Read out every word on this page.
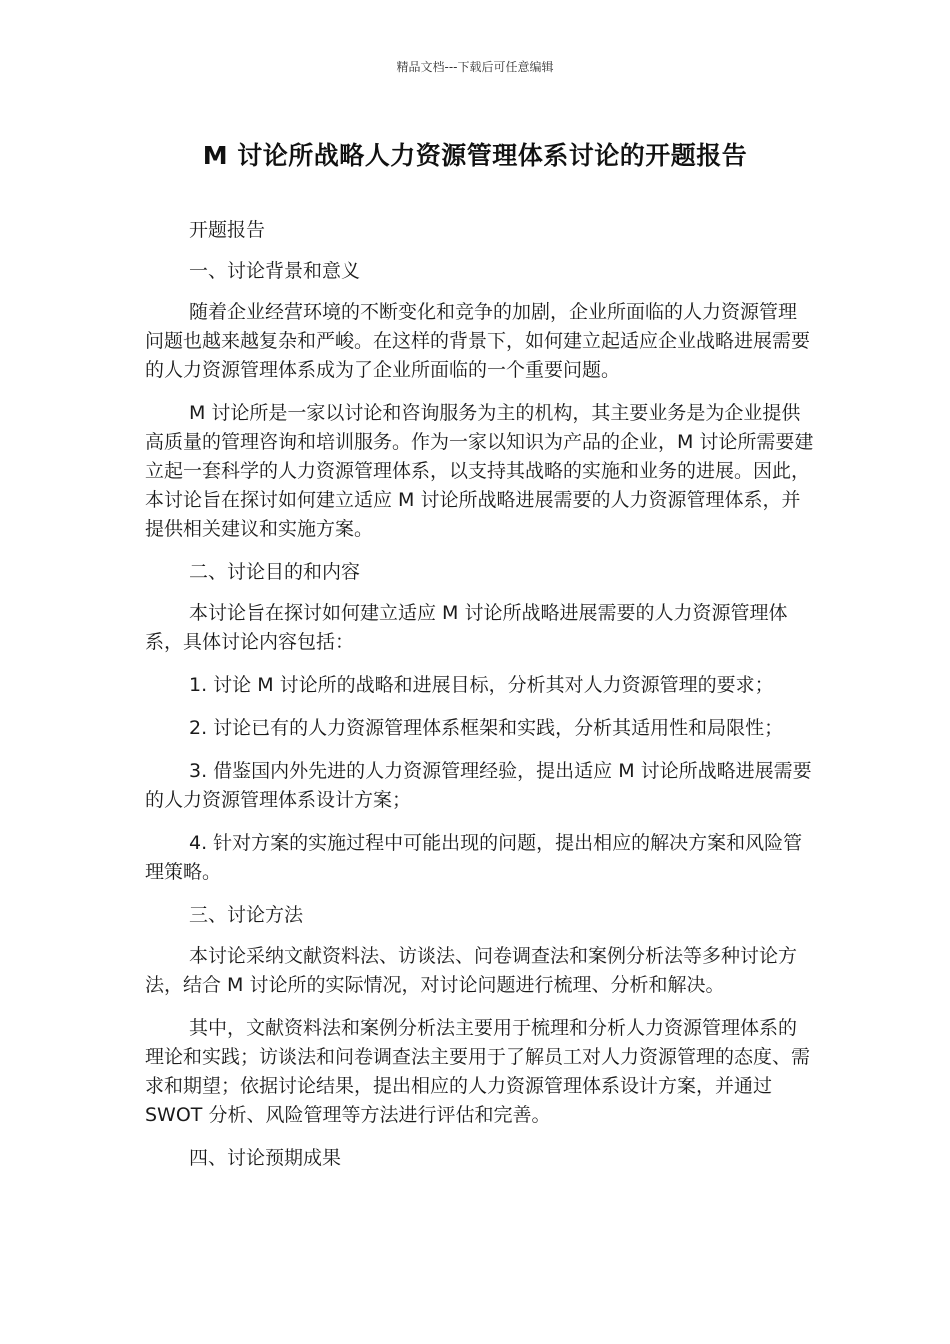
精品文档---下载后可任意编辑
M 讨论所战略人力资源管理体系讨论的开题报告

开题报告

一、讨论背景和意义

随着企业经营环境的不断变化和竞争的加剧，企业所面临的人力资源管理问题也越来越复杂和严峻。在这样的背景下，如何建立起适应企业战略进展需要的人力资源管理体系成为了企业所面临的一个重要问题。

M 讨论所是一家以讨论和咨询服务为主的机构，其主要业务是为企业提供高质量的管理咨询和培训服务。作为一家以知识为产品的企业，M 讨论所需要建立起一套科学的人力资源管理体系，以支持其战略的实施和业务的进展。因此，本讨论旨在探讨如何建立适应 M 讨论所战略进展需要的人力资源管理体系，并提供相关建议和实施方案。

二、讨论目的和内容

本讨论旨在探讨如何建立适应 M 讨论所战略进展需要的人力资源管理体系，具体讨论内容包括：

1. 讨论 M 讨论所的战略和进展目标，分析其对人力资源管理的要求；

2. 讨论已有的人力资源管理体系框架和实践，分析其适用性和局限性；

3. 借鉴国内外先进的人力资源管理经验，提出适应 M 讨论所战略进展需要的人力资源管理体系设计方案；

4. 针对方案的实施过程中可能出现的问题，提出相应的解决方案和风险管理策略。

三、讨论方法

本讨论采纳文献资料法、访谈法、问卷调查法和案例分析法等多种讨论方法，结合 M 讨论所的实际情况，对讨论问题进行梳理、分析和解决。

其中，文献资料法和案例分析法主要用于梳理和分析人力资源管理体系的理论和实践；访谈法和问卷调查法主要用于了解员工对人力资源管理的态度、需求和期望；依据讨论结果，提出相应的人力资源管理体系设计方案，并通过 SWOT 分析、风险管理等方法进行评估和完善。

四、讨论预期成果
